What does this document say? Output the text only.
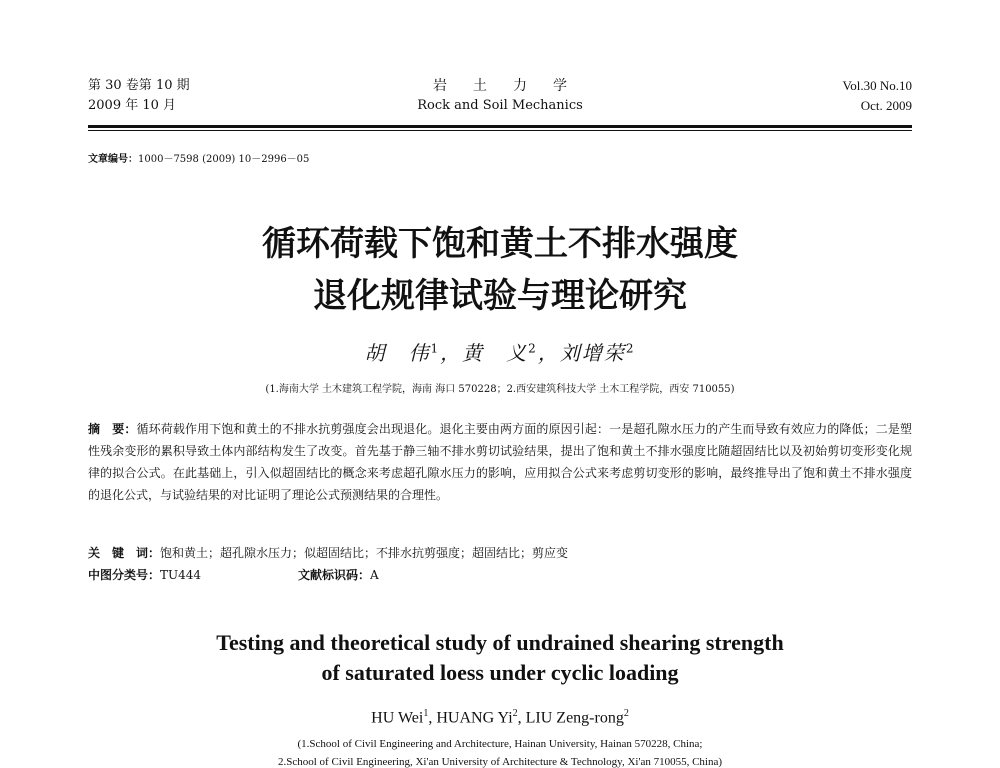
第 30 卷第 10 期
2009 年 10 月
岩土力学
Rock and Soil Mechanics
Vol.30 No.10
Oct. 2009
文章编号：1000－7598 (2009) 10－2996－05
循环荷载下饱和黄土不排水强度
退化规律试验与理论研究
胡　伟$^1$，黄　义$^2$，刘增荣$^2$
(1.海南大学 土木建筑工程学院，海南 海口 570228；2.西安建筑科技大学 土木工程学院，西安 710055)
摘　要：循环荷载作用下饱和黄土的不排水抗剪强度会出现退化。退化主要由两方面的原因引起：一是超孔隙水压力的产生而导致有效应力的降低；二是塑性残余变形的累积导致土体内部结构发生了改变。首先基于静三轴不排水剪切试验结果，提出了饱和黄土不排水强度比随超固结比以及初始剪切变形变化规律的拟合公式。在此基础上，引入似超固结比的概念来考虑超孔隙水压力的影响，应用拟合公式来考虑剪切变形的影响，最终推导出了饱和黄土不排水强度的退化公式，与试验结果的对比证明了理论公式预测结果的合理性。
关　键　词：饱和黄土；超孔隙水压力；似超固结比；不排水抗剪强度；超固结比；剪应变
中图分类号：TU444	文献标识码：A
Testing and theoretical study of undrained shearing strength
of saturated loess under cyclic loading
HU Wei$^1$, HUANG Yi$^2$, LIU Zeng-rong$^2$
(1.School of Civil Engineering and Architecture, Hainan University, Hainan 570228, China;
2.School of Civil Engineering, Xi'an University of Architecture & Technology, Xi'an 710055, China)
